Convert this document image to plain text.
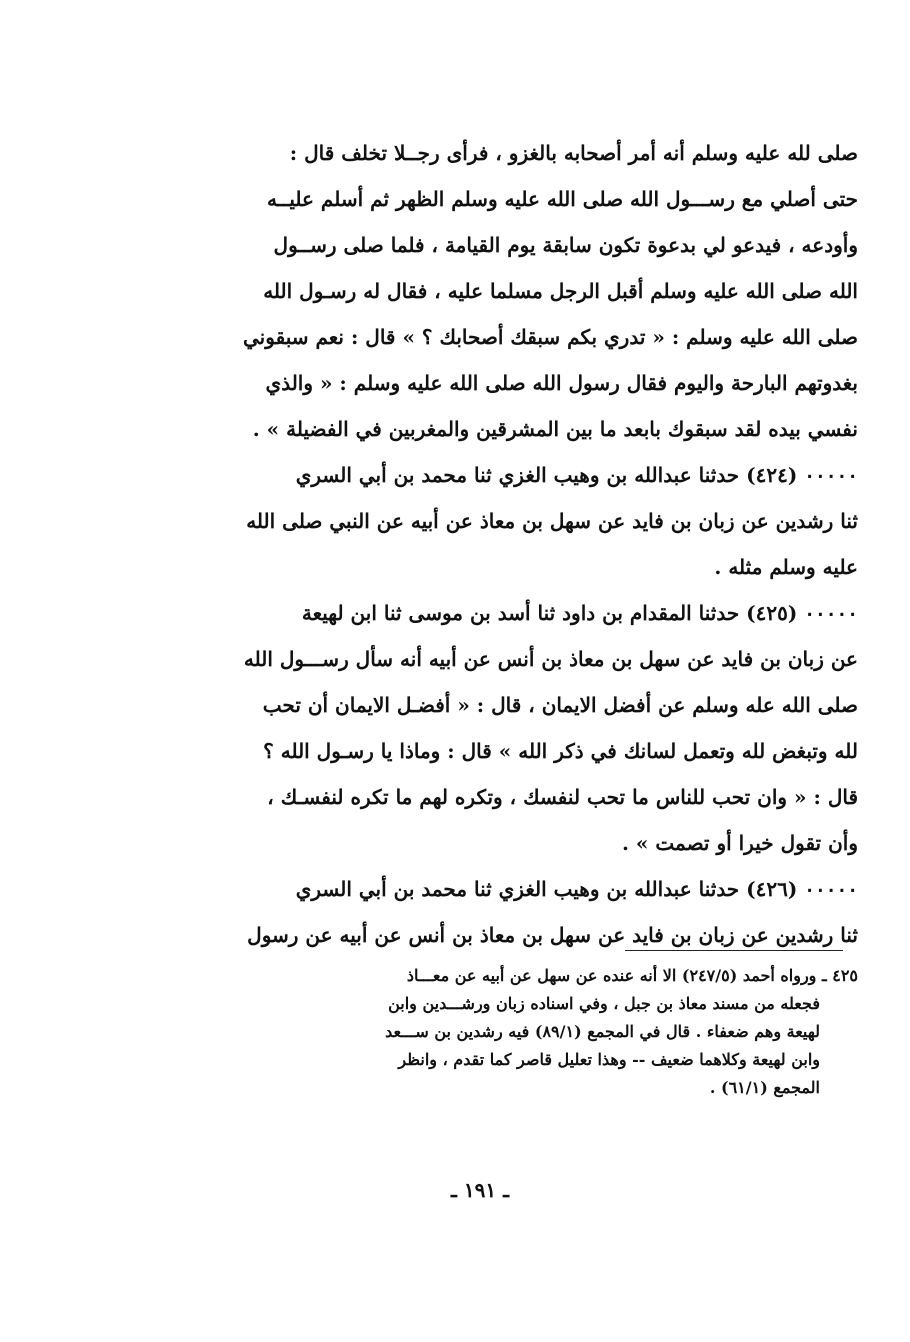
صلى لله عليه وسلم أنه أمر أصحابه بالغزو ، فرأى رجــلا تخلف قال :
حتى أصلي مع رســـول الله صلى الله عليه وسلم الظهر ثم أسلم عليــه
وأودعه ، فيدعو لي بدعوة تكون سابقة يوم القيامة ، فلما صلى رســول
الله صلى الله عليه وسلم أقبل الرجل مسلما عليه ، فقال له رسـول الله
صلى الله عليه وسلم : « تدري بكم سبقك أصحابك ؟ » قال : نعم سبقوني
بغدوتهم البارحة واليوم فقال رسول الله صلى الله عليه وسلم : « والذي
نفسي بيده لقد سبقوك بابعد ما بين المشرقين والمغربين في الفضيلة » .
٠٠٠٠٠ (٤٢٤) حدثنا عبدالله بن وهيب الغزي ثنا محمد بن أبي السري
ثنا رشدين عن زبان بن فايد عن سهل بن معاذ عن أبيه عن النبي صلى الله
عليه وسلم مثله .
٠٠٠٠٠ (٤٢٥) حدثنا المقدام بن داود ثنا أسد بن موسى ثنا ابن لهيعة
عن زبان بن فايد عن سهل بن معاذ بن أنس عن أبيه أنه سأل رســـول الله
صلى الله عله وسلم عن أفضل الايمان ، قال : « أفضـل الايمان أن تحب
لله وتبغض لله وتعمل لسانك في ذكر الله » قال : وماذا يا رسـول الله ؟
قال : « وان تحب للناس ما تحب لنفسك ، وتكره لهم ما تكره لنفسـك ،
وأن تقول خيرا أو تصمت » .
٠٠٠٠٠ (٤٢٦) حدثنا عبدالله بن وهيب الغزي ثنا محمد بن أبي السري
ثنا رشدين عن زبان بن فايد عن سهل بن معاذ بن أنس عن أبيه عن رسول
٤٢٥ ـ ورواه أحمد (٢٤٧/٥) الا أنه عنده عن سهل عن أبيه عن معـــاذ
فجعله من مسند معاذ بن جبل ، وفي اسناده زبان ورشـــدين وابن
لهيعة وهم ضعفاء . قال في المجمع (٨٩/١) فيه رشدين بن ســـعد
وابن لهيعة وكلاهما ضعيف -- وهذا تعليل قاصر كما تقدم ، وانظر
المجمع (٦١/١) .
ـ ١٩١ ـ
